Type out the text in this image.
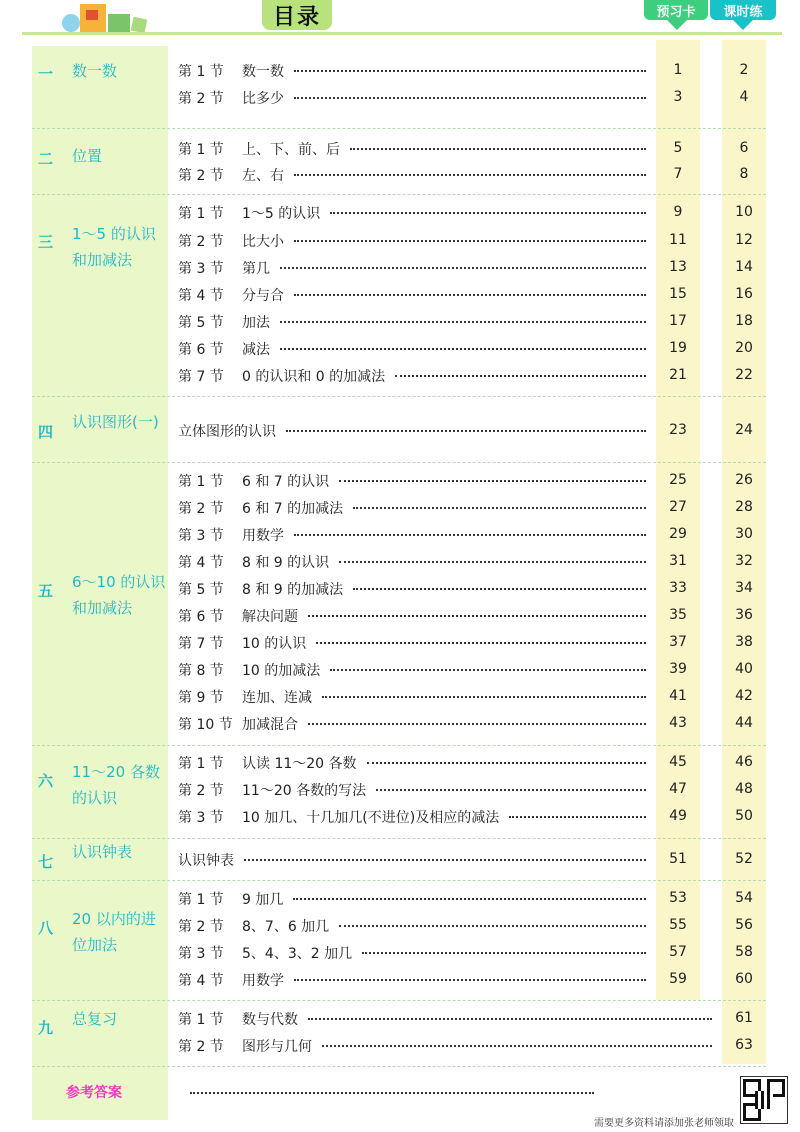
目录	预习卡	课时练
一 数一数	第 1 节	数一数	1	2
第 2 节	比多少	3	4
二 位置	第 1 节	上、下、前、后	5	6
第 2 节	左、右	7	8
三 1～5 的认识和加减法
第 1 节	1～5 的认识	9	10
第 2 节	比大小	11	12
第 3 节	第几	13	14
第 4 节	分与合	15	16
第 5 节	加法	17	18
第 6 节	减法	19	20
第 7 节	0 的认识和 0 的加减法	21	22
四
认识图形(一)
立体图形的认识	23	24
五 6～10 的认识和加减法
第 1 节	6 和 7 的认识	25	26
第 2 节	6 和 7 的加减法	27	28
第 3 节	用数学	29	30
第 4 节	8 和 9 的认识	31	32
第 5 节	8 和 9 的加减法	33	34
第 6 节	解决问题	35	36
第 7 节	10 的认识	37	38
第 8 节	10 的加减法	39	40
第 9 节	连加、连减	41	42
第 10 节 加减混合	43	44
六 11～20 各数的认识
第 1 节	认读 11～20 各数	45	46
第 2 节	11～20 各数的写法	47	48
第 3 节	10 加几、十几加几(不进位)及相应的减法	49	50
七
认识钟表	认识钟表	51	52
八 20 以内的进位加法
第 1 节	9 加几	53	54
第 2 节	8、7、6 加几	55	56
第 3 节	5、4、3、2 加几	57	58
第 4 节	用数学	59	60
九 总复习	第 1 节	数与代数	61
第 2 节	图形与几何	63
参考答案
需要更多资料请添加张老师领取
